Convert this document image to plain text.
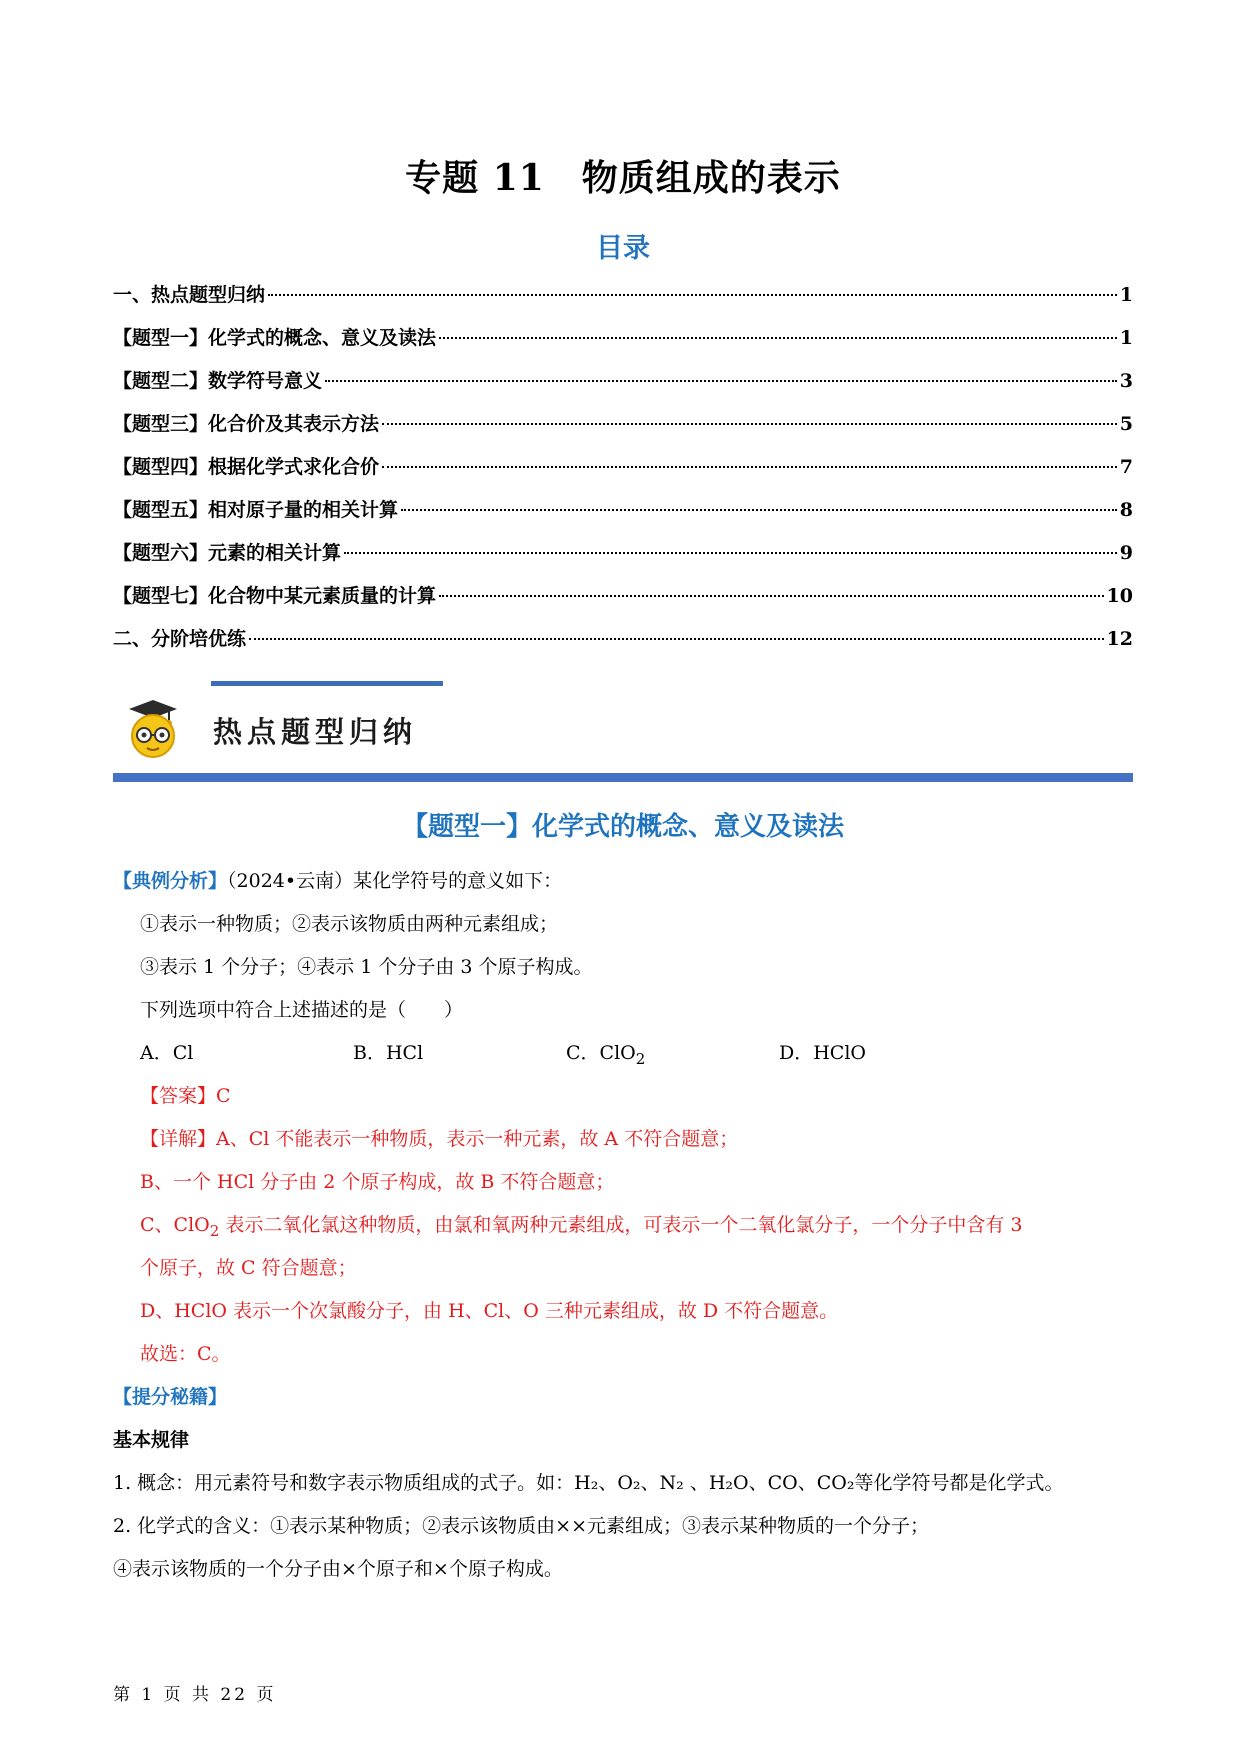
专题 11　物质组成的表示
目录
一、热点题型归纳	1
【题型一】化学式的概念、意义及读法	1
【题型二】数学符号意义	3
【题型三】化合价及其表示方法	5
【题型四】根据化学式求化合价	7
【题型五】相对原子量的相关计算	8
【题型六】元素的相关计算	9
【题型七】化合物中某元素质量的计算	10
二、分阶培优练	12
热点题型归纳
【题型一】化学式的概念、意义及读法
【典例分析】（2024•云南）某化学符号的意义如下：
①表示一种物质；②表示该物质由两种元素组成；
③表示 1 个分子；④表示 1 个分子由 3 个原子构成。
下列选项中符合上述描述的是（　　）
A．Cl	B．HCl	C．ClO$_2$	D．HClO
【答案】C
【详解】A、Cl 不能表示一种物质，表示一种元素，故 A 不符合题意；
B、一个 HCl 分子由 2 个原子构成，故 B 不符合题意；
C、ClO$_2$ 表示二氧化氯这种物质，由氯和氧两种元素组成，可表示一个二氧化氯分子，一个分子中含有 3
个原子，故 C 符合题意；
D、HClO 表示一个次氯酸分子，由 H、Cl、O 三种元素组成，故 D 不符合题意。
故选：C。
【提分秘籍】
基本规律
1. 概念：用元素符号和数字表示物质组成的式子。如：H₂、O₂、N₂ 、H₂O、CO、CO₂等化学符号都是化学式。
2. 化学式的含义：①表示某种物质；②表示该物质由××元素组成；③表示某种物质的一个分子；
④表示该物质的一个分子由×个原子和×个原子构成。
第 1 页 共 22 页
